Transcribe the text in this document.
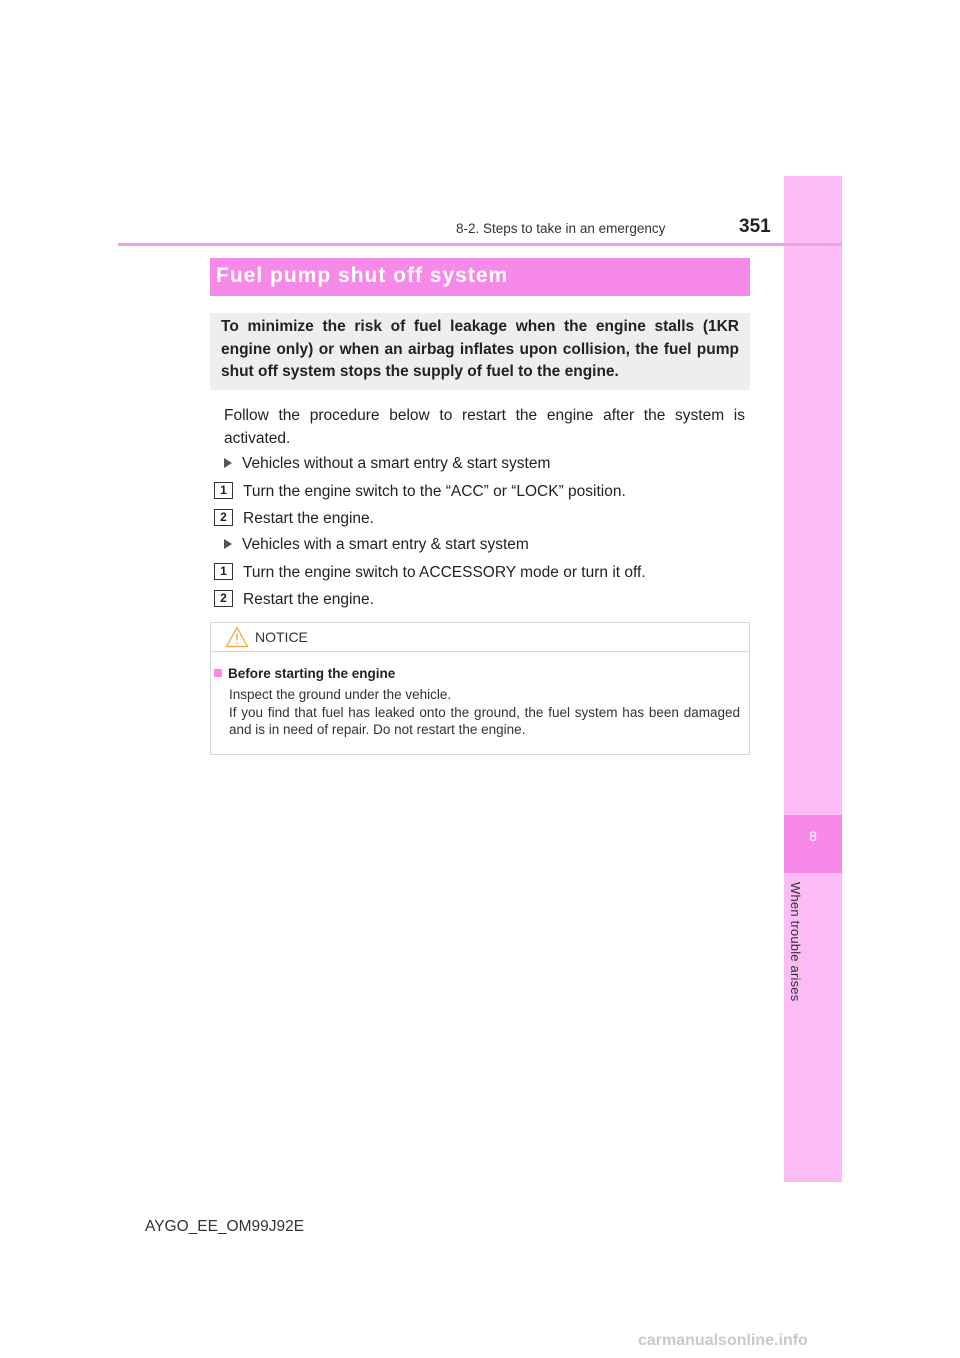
8
When trouble arises
8-2. Steps to take in an emergency	351
Fuel pump shut off system
To minimize the risk of fuel leakage when the engine stalls (1KR engine only) or when an airbag inflates upon collision, the fuel pump shut off system stops the supply of fuel to the engine.
Follow the procedure below to restart the engine after the system is activated.
Vehicles without a smart entry & start system
1	Turn the engine switch to the “ACC” or “LOCK” position.
2	Restart the engine.
Vehicles with a smart entry & start system
1	Turn the engine switch to ACCESSORY mode or turn it off.
2	Restart the engine.
NOTICE
Before starting the engine

Inspect the ground under the vehicle.

If you find that fuel has leaked onto the ground, the fuel system has been damaged and is in need of repair. Do not restart the engine.

AYGO_EE_OM99J92E
carmanualsonline.info
